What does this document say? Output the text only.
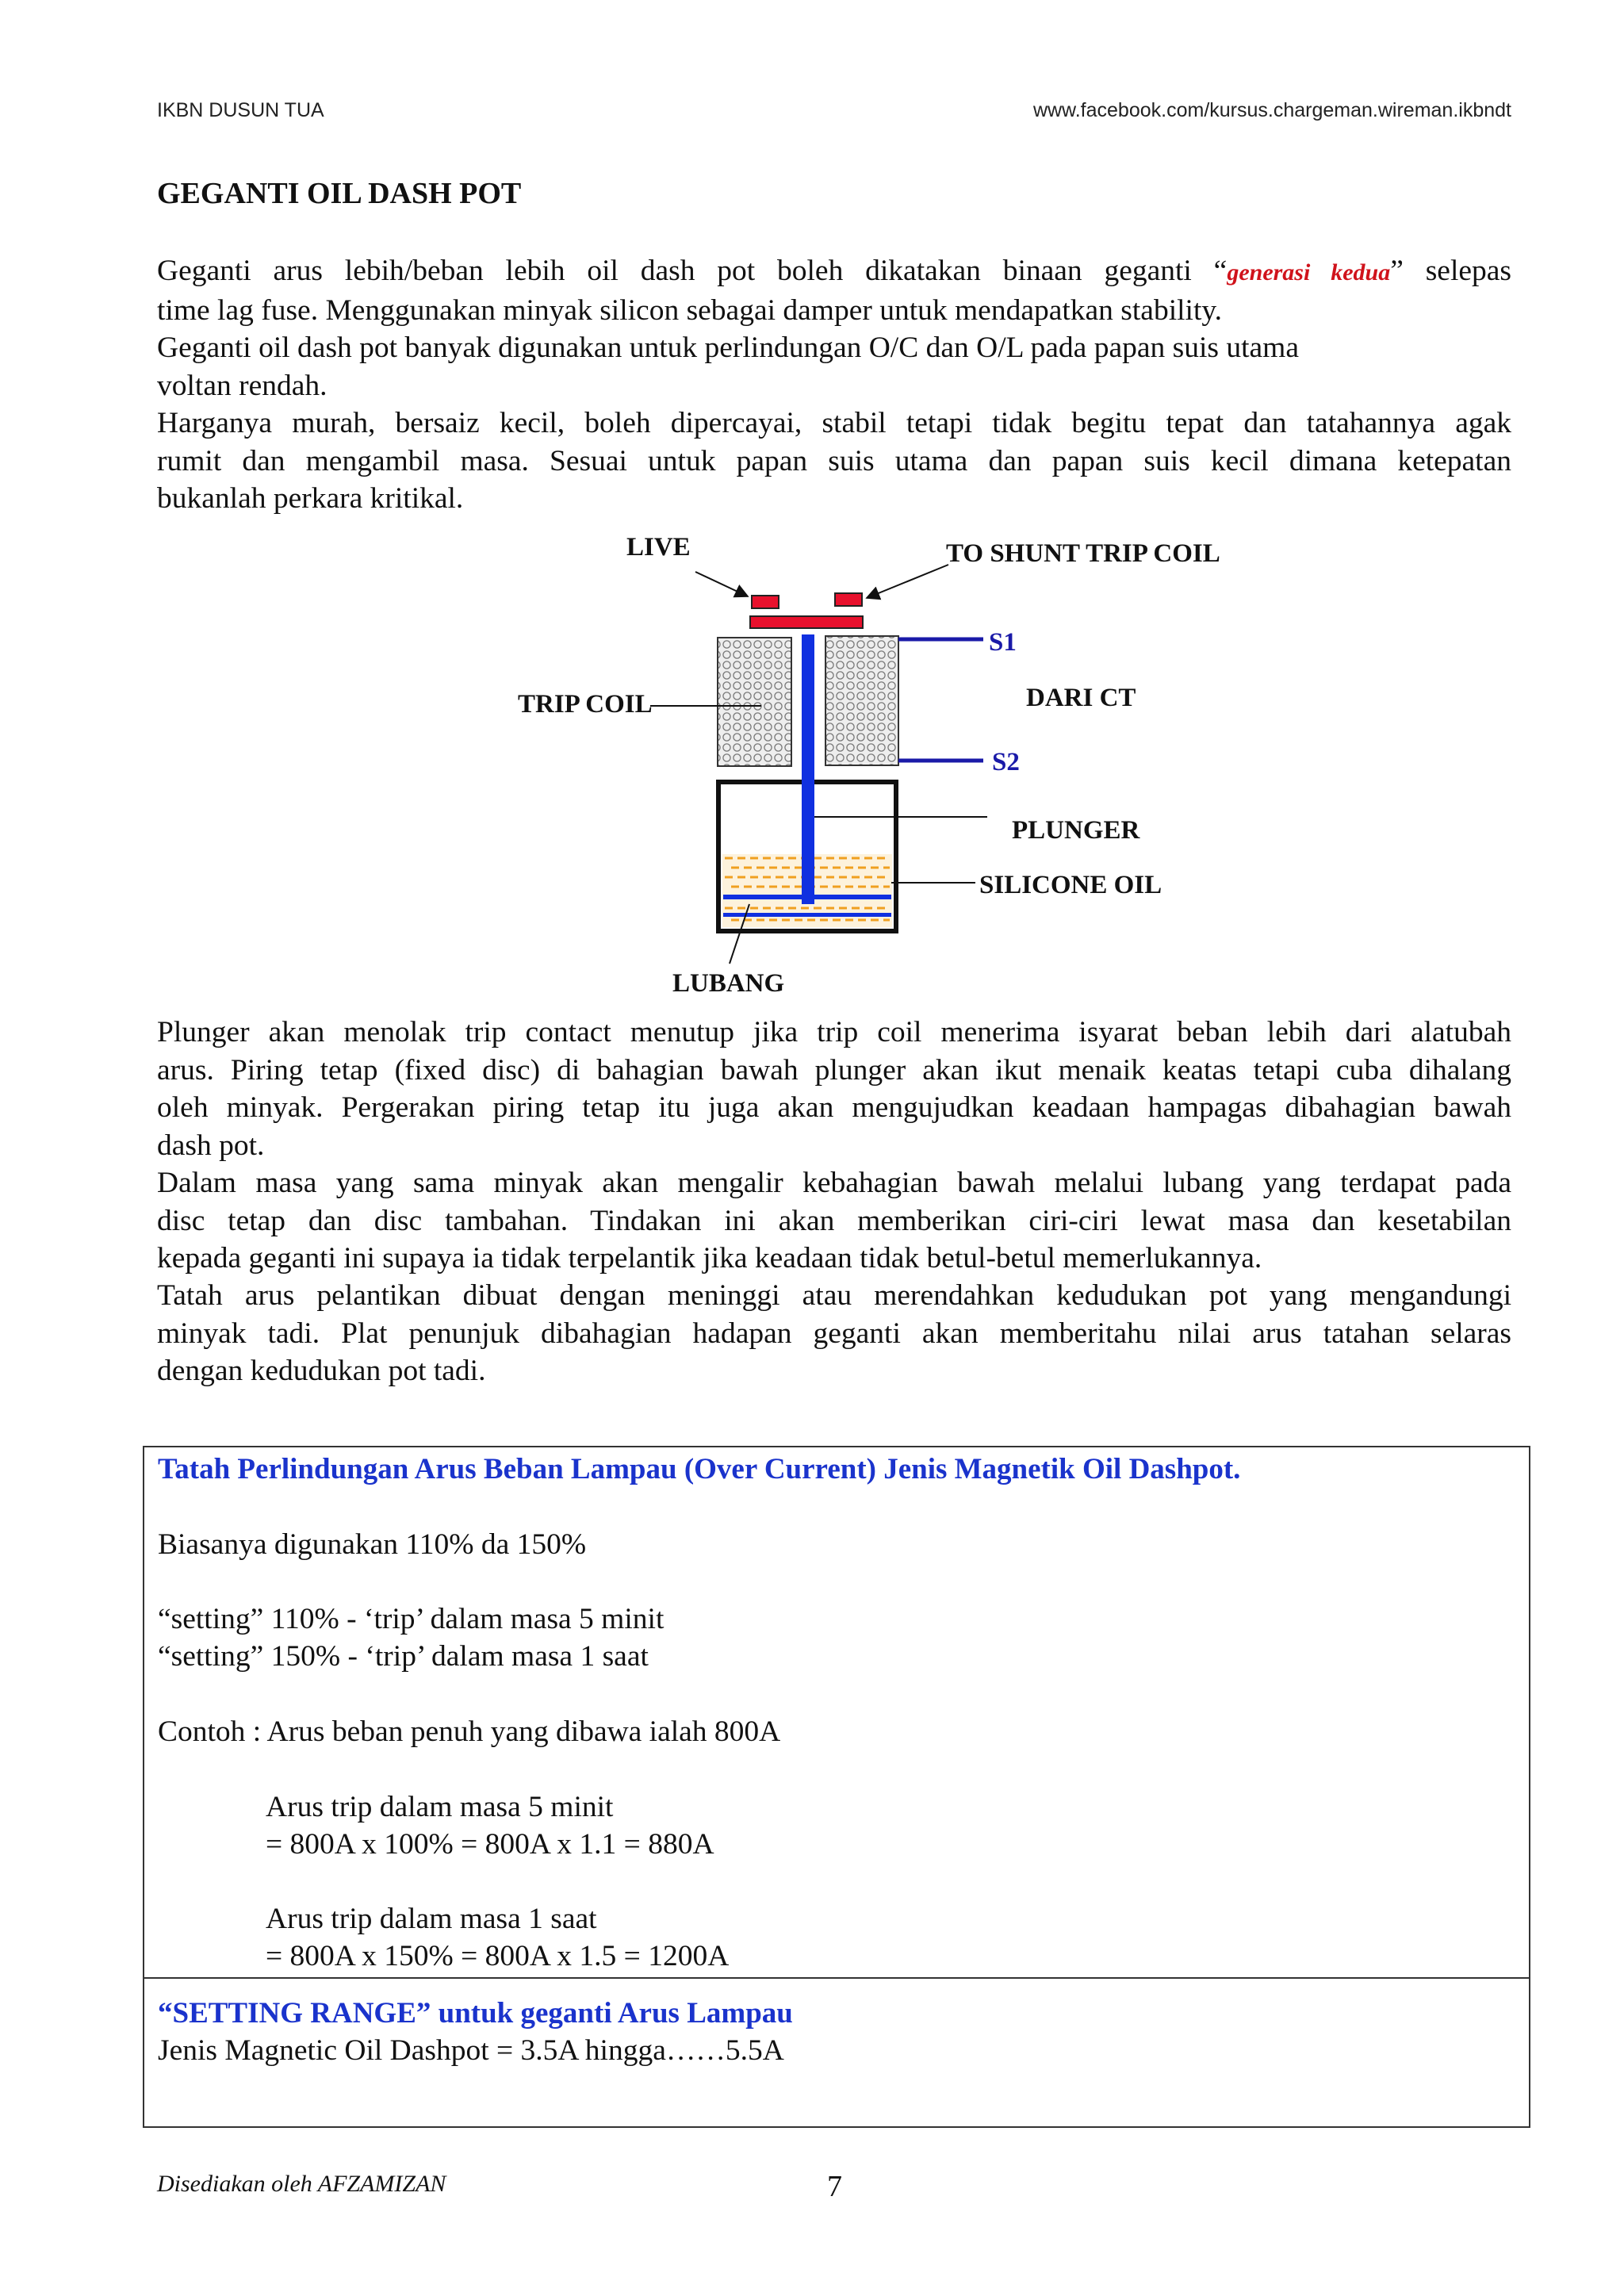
IKBN DUSUN TUA	www.facebook.com/kursus.chargeman.wireman.ikbndt
GEGANTI OIL DASH POT
Geganti arus lebih/beban lebih oil dash pot boleh dikatakan binaan geganti “generasi kedua” selepas
time lag fuse. Menggunakan minyak silicon sebagai damper untuk mendapatkan stability.
Geganti oil dash pot banyak digunakan untuk perlindungan O/C dan O/L pada papan suis utama
voltan rendah.
Harganya murah, bersaiz kecil, boleh dipercayai, stabil tetapi tidak begitu tepat dan tatahannya agak
rumit dan mengambil masa. Sesuai untuk papan suis utama dan papan suis kecil dimana ketepatan
bukanlah perkara kritikal.
LIVE	TO SHUNT TRIP COIL
S1
S2
DARI CT
TRIP COIL
PLUNGER
SILICONE OIL
LUBANG
Plunger akan menolak trip contact menutup jika trip coil menerima isyarat beban lebih dari alatubah
arus. Piring tetap (fixed disc) di bahagian bawah plunger akan ikut menaik keatas tetapi cuba dihalang
oleh minyak. Pergerakan piring tetap itu juga akan mengujudkan keadaan hampagas dibahagian bawah
dash pot.
Dalam masa yang sama minyak akan mengalir kebahagian bawah melalui lubang yang terdapat pada
disc tetap dan disc tambahan. Tindakan ini akan memberikan ciri-ciri lewat masa dan kesetabilan
kepada geganti ini supaya ia tidak terpelantik jika keadaan tidak betul-betul memerlukannya.
Tatah arus pelantikan dibuat dengan meninggi atau merendahkan kedudukan pot yang mengandungi
minyak tadi. Plat penunjuk dibahagian hadapan geganti akan memberitahu nilai arus tatahan selaras
dengan kedudukan pot tadi.
Tatah Perlindungan Arus Beban Lampau (Over Current) Jenis Magnetik Oil Dashpot.
Biasanya digunakan 110% da 150%
“setting” 110% - ‘trip’ dalam masa 5 minit
“setting” 150% - ‘trip’ dalam masa 1 saat
Contoh : Arus beban penuh yang dibawa ialah 800A
Arus trip dalam masa 5 minit
= 800A x 100% = 800A x 1.1 = 880A
Arus trip dalam masa 1 saat
= 800A x 150% = 800A x 1.5 = 1200A
“SETTING RANGE” untuk geganti Arus Lampau
Jenis Magnetic Oil Dashpot = 3.5A hingga……5.5A
Disediakan oleh AFZAMIZAN	7
